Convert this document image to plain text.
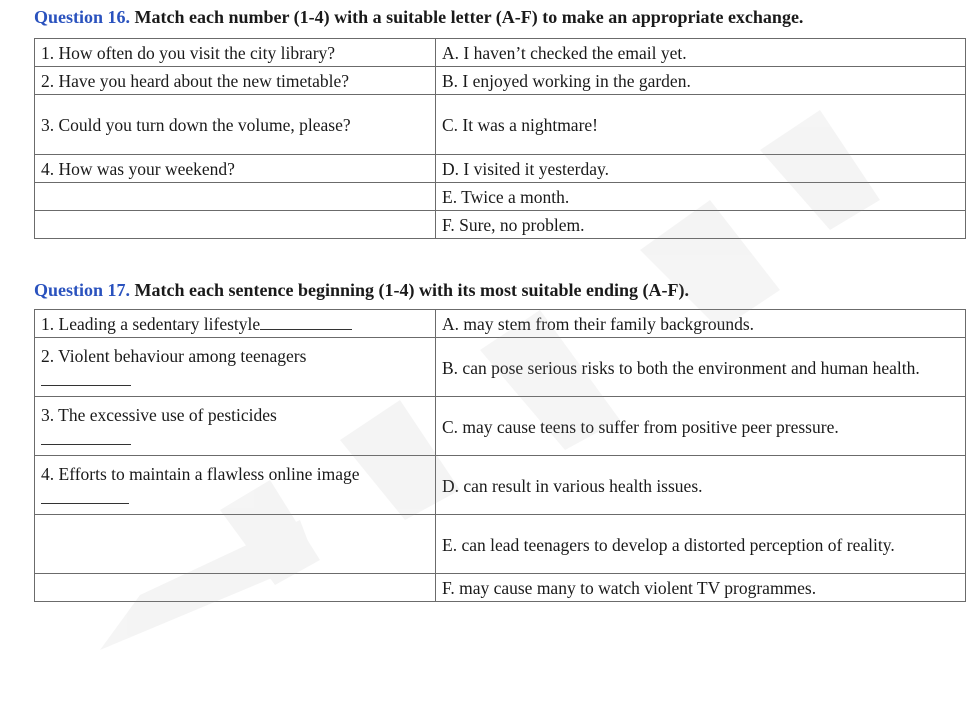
Question 16. Match each number (1-4) with a suitable letter (A-F) to make an appropriate exchange.
1. How often do you visit the city library?	A. I haven’t checked the email yet.
2. Have you heard about the new timetable?	B. I enjoyed working in the garden.
3. Could you turn down the volume, please?	C. It was a nightmare!
4. How was your weekend?	D. I visited it yesterday.
	E. Twice a month.
	F. Sure, no problem.
Question 17. Match each sentence beginning (1-4) with its most suitable ending (A-F).
1. Leading a sedentary lifestyle	A. may stem from their family backgrounds.

2. Violent behaviour among teenagers	B. can pose serious risks to both the environment and human health.

3. The excessive use of pesticides	C. may cause teens to suffer from positive peer pressure.
4. Efforts to maintain a flawless online image	D. can result in various health issues.
	E. can lead teenagers to develop a distorted perception of reality.
	F. may cause many to watch violent TV programmes.
